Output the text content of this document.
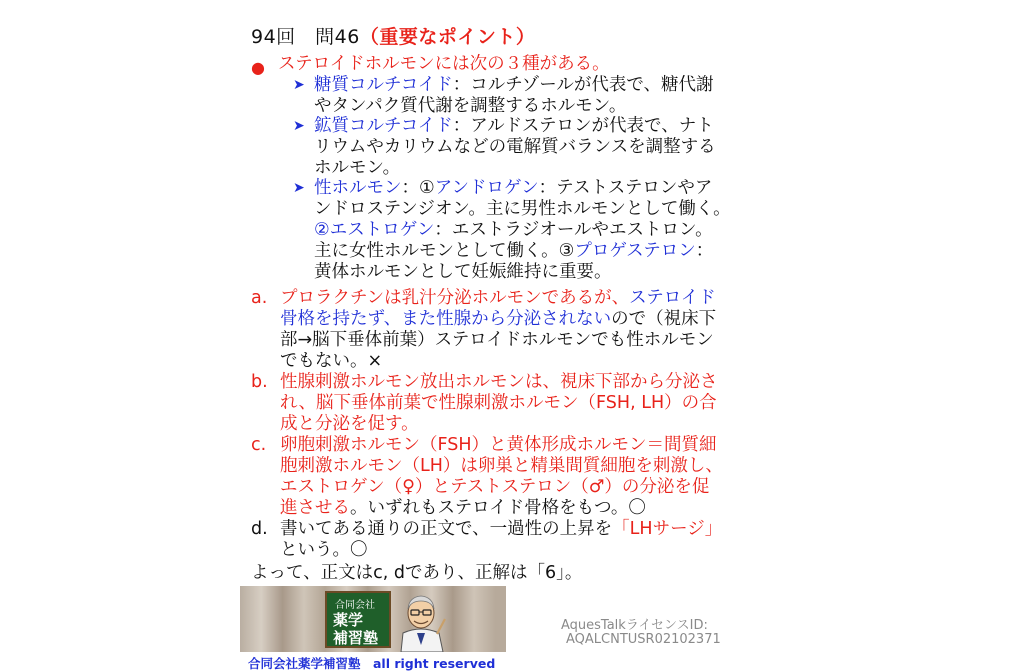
94回　問46（重要なポイント）
● ステロイドホルモンには次の３種がある。
➤ 糖質コルチコイド：コルチゾールが代表で、糖代謝
やタンパク質代謝を調整するホルモン。
➤ 鉱質コルチコイド：アルドステロンが代表で、ナト
リウムやカリウムなどの電解質バランスを調整する
ホルモン。
➤ 性ホルモン：①アンドロゲン：テストステロンやア
ンドロステンジオン。主に男性ホルモンとして働く。
②エストロゲン：エストラジオールやエストロン。
主に女性ホルモンとして働く。③プロゲステロン：
黄体ホルモンとして妊娠維持に重要。
a. プロラクチンは乳汁分泌ホルモンであるが、ステロイド
骨格を持たず、また性腺から分泌されないので（視床下
部→脳下垂体前葉）ステロイドホルモンでも性ホルモン
でもない。×
b. 性腺刺激ホルモン放出ホルモンは、視床下部から分泌さ
れ、脳下垂体前葉で性腺刺激ホルモン（FSH, LH）の合
成と分泌を促す。
c. 卵胞刺激ホルモン（FSH）と黄体形成ホルモン＝間質細
胞刺激ホルモン（LH）は卵巣と精巣間質細胞を刺激し、
エストロゲン（♀）とテストステロン（♂）の分泌を促
進させる。いずれもステロイド骨格をもつ。〇
d. 書いてある通りの正文で、一過性の上昇を「LHサージ」
という。〇
よって、正文はc, dであり、正解は「6」。
合同会社
薬学
補習塾
合同会社薬学補習塾　all right reserved
AquesTalkライセンスID:
AQALCNTUSR02102371
